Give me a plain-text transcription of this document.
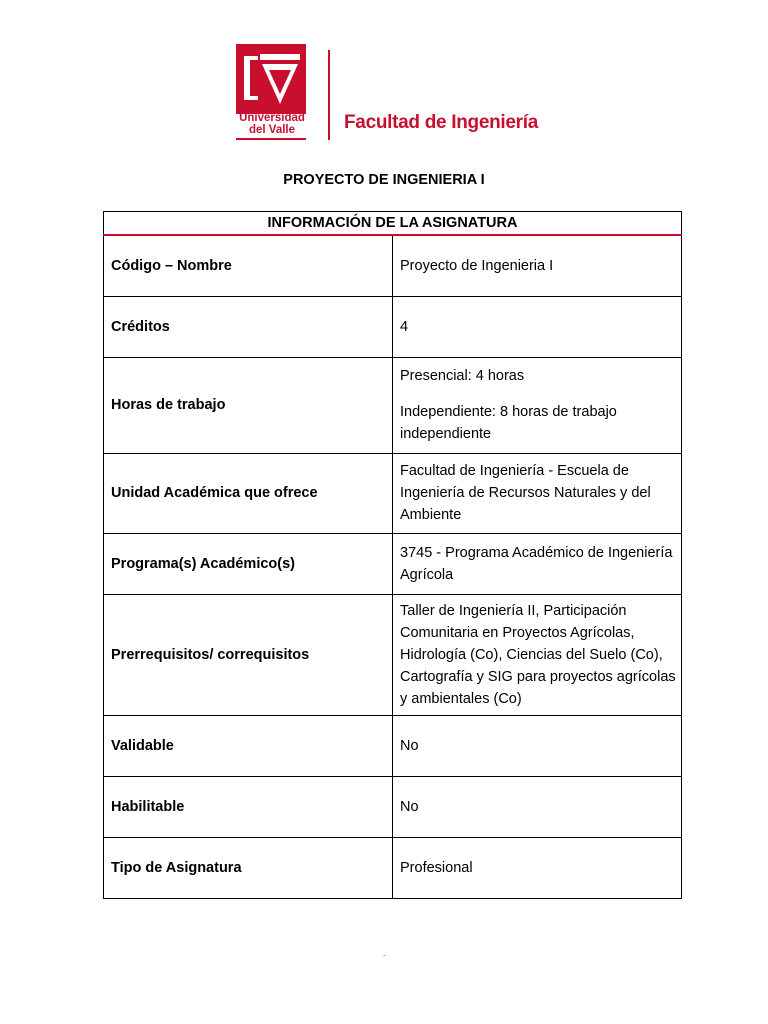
Universidad del Valle	Facultad de Ingeniería
PROYECTO DE INGENIERIA I
INFORMACIÓN DE LA ASIGNATURA	
Código – Nombre	Proyecto de Ingenieria I
Créditos	4
Horas de trabajo	Presencial: 4 horas
Independiente: 8 horas de trabajo independiente

Unidad Académica que ofrece	Facultad de Ingeniería - Escuela de Ingeniería de Recursos Naturales y del Ambiente
Programa(s) Académico(s)	3745 - Programa Académico de Ingeniería Agrícola
Prerrequisitos/ correquisitos	Taller de Ingeniería II, Participación Comunitaria en Proyectos Agrícolas, Hidrología (Co), Ciencias del Suelo (Co), Cartografía y SIG para proyectos agrícolas y ambientales (Co)
Validable	No
Habilitable	No
Tipo de Asignatura	Profesional
-
